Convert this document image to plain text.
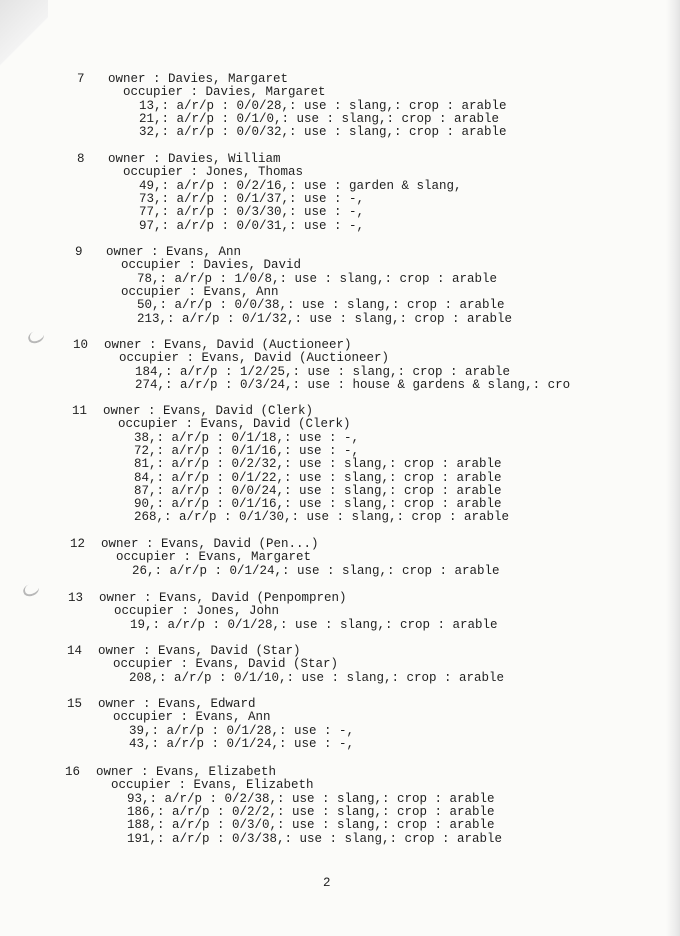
7 owner : Davies, Margaret
occupier : Davies, Margaret
13,: a/r/p : 0/0/28,: use : slang,: crop : arable
21,: a/r/p : 0/1/0,: use : slang,: crop : arable
32,: a/r/p : 0/0/32,: use : slang,: crop : arable
8 owner : Davies, William
occupier : Jones, Thomas
49,: a/r/p : 0/2/16,: use : garden & slang,
73,: a/r/p : 0/1/37,: use : -,
77,: a/r/p : 0/3/30,: use : -,
97,: a/r/p : 0/0/31,: use : -,
9 owner : Evans, Ann
occupier : Davies, David
78,: a/r/p : 1/0/8,: use : slang,: crop : arable
occupier : Evans, Ann
50,: a/r/p : 0/0/38,: use : slang,: crop : arable
213,: a/r/p : 0/1/32,: use : slang,: crop : arable
10 owner : Evans, David (Auctioneer)
occupier : Evans, David (Auctioneer)
184,: a/r/p : 1/2/25,: use : slang,: crop : arable
274,: a/r/p : 0/3/24,: use : house & gardens & slang,: cro
11 owner : Evans, David (Clerk)
occupier : Evans, David (Clerk)
38,: a/r/p : 0/1/18,: use : -,
72,: a/r/p : 0/1/16,: use : -,
81,: a/r/p : 0/2/32,: use : slang,: crop : arable
84,: a/r/p : 0/1/22,: use : slang,: crop : arable
87,: a/r/p : 0/0/24,: use : slang,: crop : arable
90,: a/r/p : 0/1/16,: use : slang,: crop : arable
268,: a/r/p : 0/1/30,: use : slang,: crop : arable
12 owner : Evans, David (Pen...)
occupier : Evans, Margaret
26,: a/r/p : 0/1/24,: use : slang,: crop : arable
13 owner : Evans, David (Penpompren)
occupier : Jones, John
19,: a/r/p : 0/1/28,: use : slang,: crop : arable
14 owner : Evans, David (Star)
occupier : Evans, David (Star)
208,: a/r/p : 0/1/10,: use : slang,: crop : arable
15 owner : Evans, Edward
occupier : Evans, Ann
39,: a/r/p : 0/1/28,: use : -,
43,: a/r/p : 0/1/24,: use : -,
16 owner : Evans, Elizabeth
occupier : Evans, Elizabeth
93,: a/r/p : 0/2/38,: use : slang,: crop : arable
186,: a/r/p : 0/2/2,: use : slang,: crop : arable
188,: a/r/p : 0/3/0,: use : slang,: crop : arable
191,: a/r/p : 0/3/38,: use : slang,: crop : arable
2
